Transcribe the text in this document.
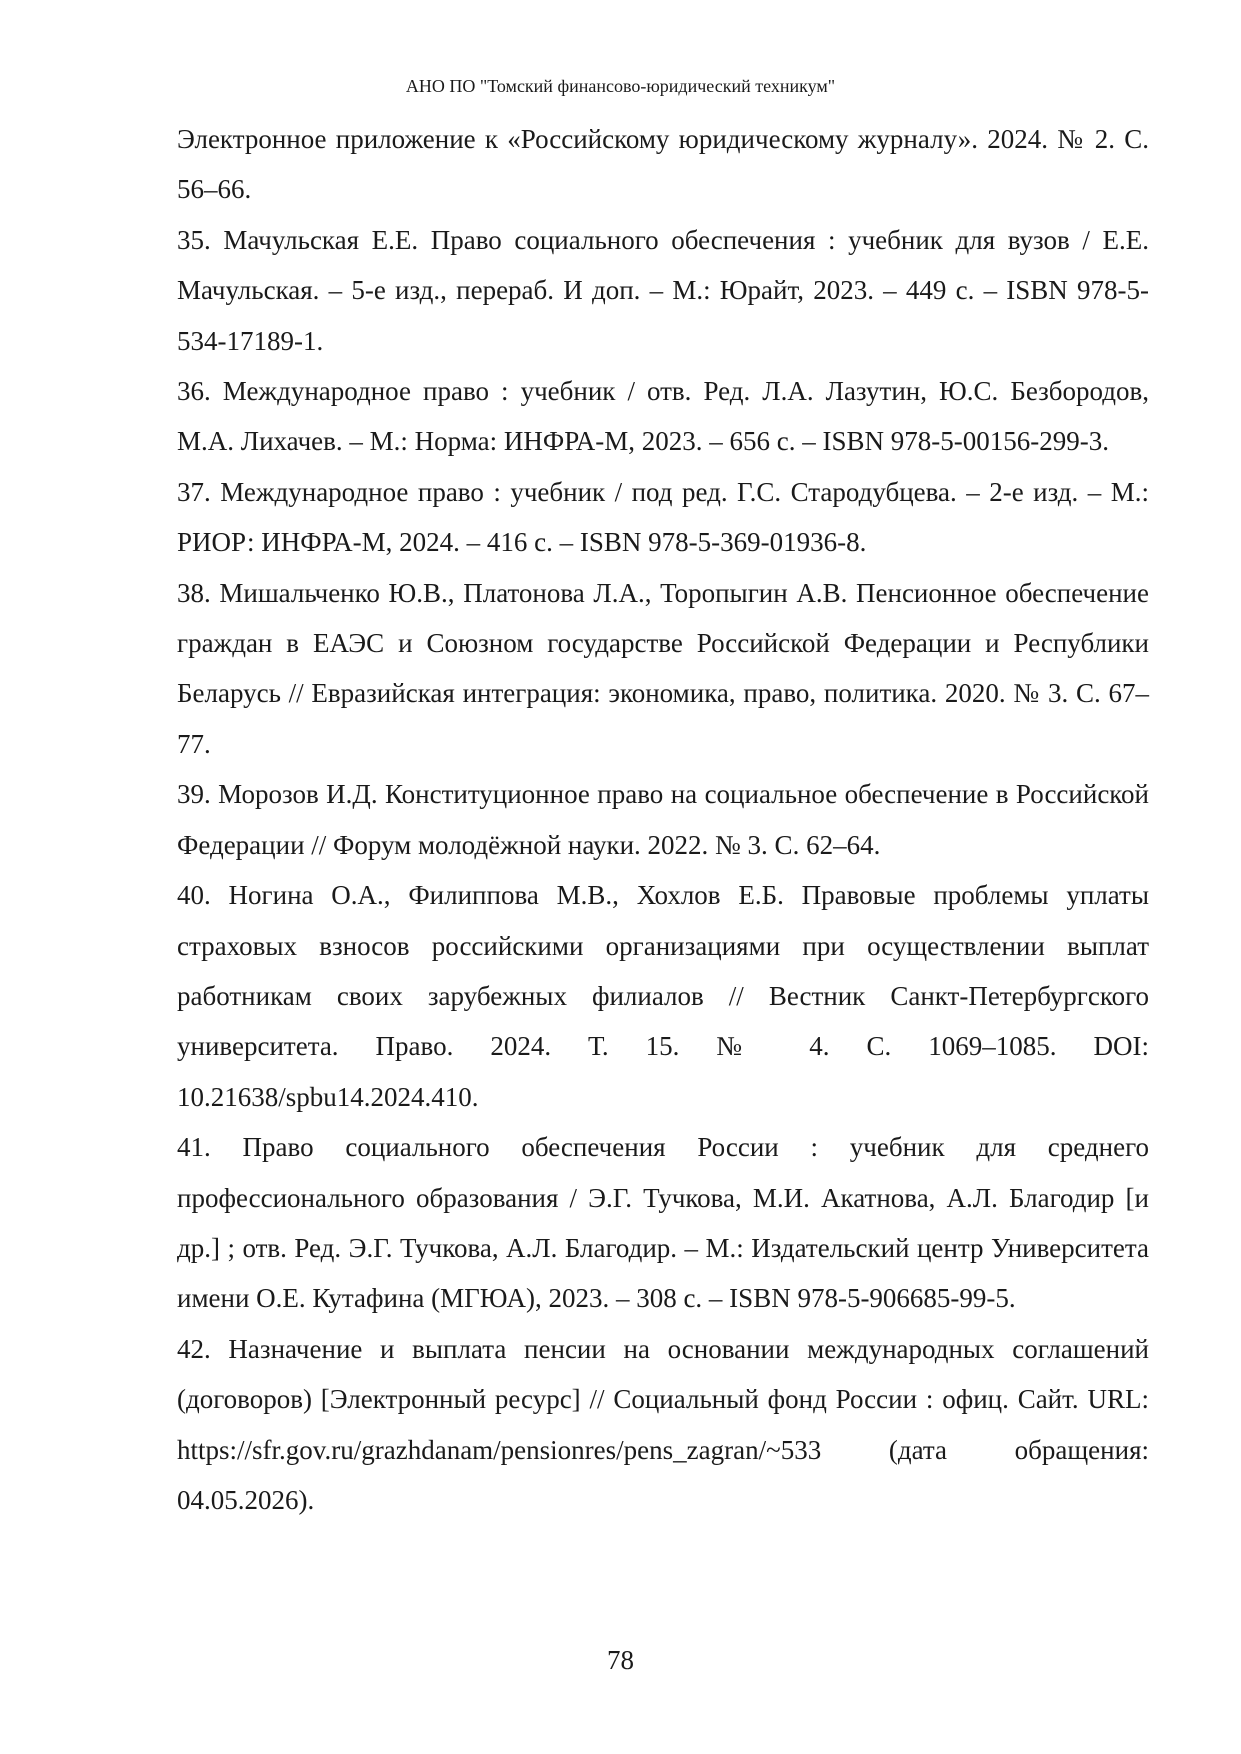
АНО ПО "Томский финансово-юридический техникум"

Электронное приложение к «Российскому юридическому журналу». 2024. № 2. С. 56–66.

35. Мачульская Е.Е. Право социального обеспечения : учебник для вузов / Е.Е. Мачульская. – 5-е изд., перераб. И доп. – М.: Юрайт, 2023. – 449 с. – ISBN 978-5-534-17189-1.

36. Международное право : учебник / отв. Ред. Л.А. Лазутин, Ю.С. Безбородов, М.А. Лихачев. – М.: Норма: ИНФРА-М, 2023. – 656 с. – ISBN 978-5-00156-299-3.

37. Международное право : учебник / под ред. Г.С. Стародубцева. – 2-е изд. – М.: РИОР: ИНФРА-М, 2024. – 416 с. – ISBN 978-5-369-01936-8.

38. Мишальченко Ю.В., Платонова Л.А., Торопыгин А.В. Пенсионное обеспечение граждан в ЕАЭС и Союзном государстве Российской Федерации и Республики Беларусь // Евразийская интеграция: экономика, право, политика. 2020. № 3. С. 67–77.

39. Морозов И.Д. Конституционное право на социальное обеспечение в Российской Федерации // Форум молодёжной науки. 2022. № 3. С. 62–64.

40. Ногина О.А., Филиппова М.В., Хохлов Е.Б. Правовые проблемы уплаты страховых взносов российскими организациями при осуществлении выплат работникам своих зарубежных филиалов // Вестник Санкт-Петербургского университета. Право. 2024. Т. 15. № 4. С. 1069–1085. DOI: 10.21638/spbu14.2024.410.

41. Право социального обеспечения России : учебник для среднего профессионального образования / Э.Г. Тучкова, М.И. Акатнова, А.Л. Благодир [и др.] ; отв. Ред. Э.Г. Тучкова, А.Л. Благодир. – М.: Издательский центр Университета имени О.Е. Кутафина (МГЮА), 2023. – 308 с. – ISBN 978-5-906685-99-5.

42. Назначение и выплата пенсии на основании международных соглашений (договоров) [Электронный ресурс] // Социальный фонд России : офиц. Сайт. URL: https://sfr.gov.ru/grazhdanam/pensionres/pens_zagran/~533 (дата обращения: 04.05.2026).

78
